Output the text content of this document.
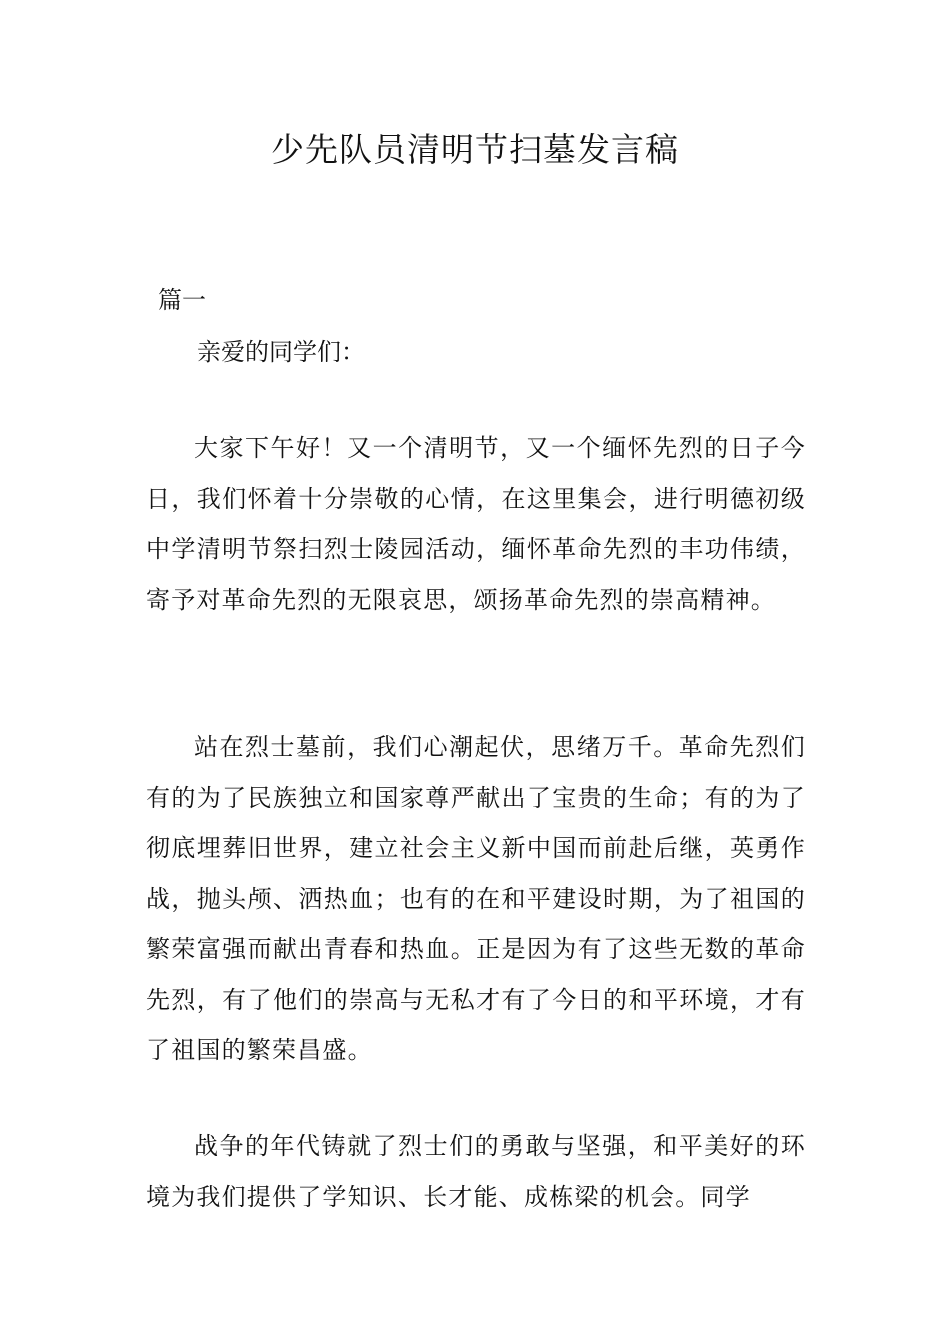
少先队员清明节扫墓发言稿
篇一
亲爱的同学们：

大家下午好！又一个清明节，又一个缅怀先烈的日子今日，我们怀着十分崇敬的心情，在这里集会，进行明德初级中学清明节祭扫烈士陵园活动，缅怀革命先烈的丰功伟绩，寄予对革命先烈的无限哀思，颂扬革命先烈的崇高精神。

站在烈士墓前，我们心潮起伏，思绪万千。革命先烈们有的为了民族独立和国家尊严献出了宝贵的生命；有的为了彻底埋葬旧世界，建立社会主义新中国而前赴后继，英勇作战，抛头颅、洒热血；也有的在和平建设时期，为了祖国的繁荣富强而献出青春和热血。正是因为有了这些无数的革命先烈，有了他们的崇高与无私才有了今日的和平环境，才有了祖国的繁荣昌盛。

战争的年代铸就了烈士们的勇敢与坚强，和平美好的环境为我们提供了学知识、长才能、成栋梁的机会。同学
